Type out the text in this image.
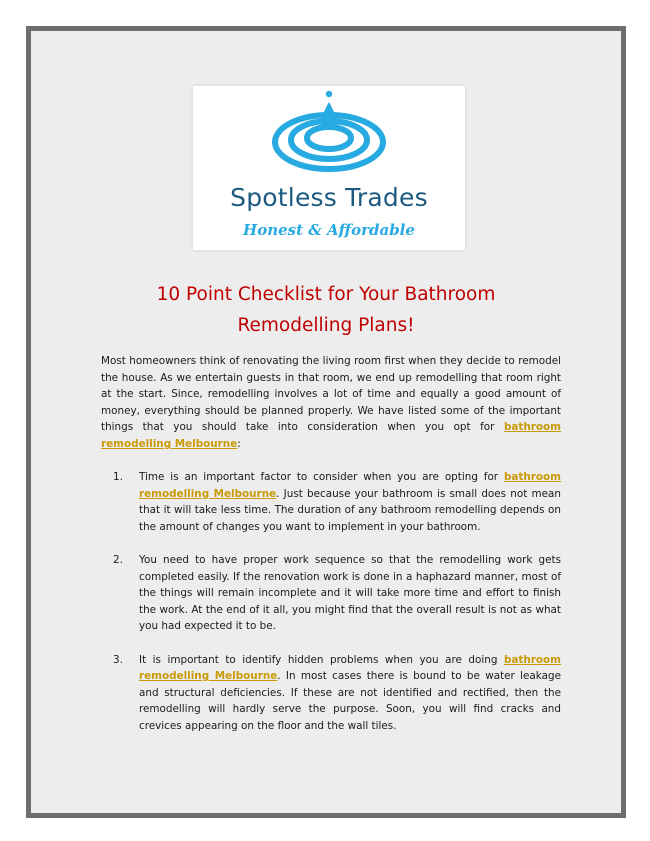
Spotless Trades
Honest & Affordable
10 Point Checklist for Your Bathroom
Remodelling Plans!

Most homeowners think of renovating the living room first when they decide to remodel the house. As we entertain guests in that room, we end up remodelling that room right at the start. Since, remodelling involves a lot of time and equally a good amount of money, everything should be planned properly. We have listed some of the important things that you should take into consideration when you opt for bathroom remodelling Melbourne:

1. Time is an important factor to consider when you are opting for bathroom remodelling Melbourne. Just because your bathroom is small does not mean that it will take less time. The duration of any bathroom remodelling depends on the amount of changes you want to implement in your bathroom.
2. You need to have proper work sequence so that the remodelling work gets completed easily. If the renovation work is done in a haphazard manner, most of the things will remain incomplete and it will take more time and effort to finish the work. At the end of it all, you might find that the overall result is not as what you had expected it to be.
3. It is important to identify hidden problems when you are doing bathroom remodelling Melbourne. In most cases there is bound to be water leakage and structural deficiencies. If these are not identified and rectified, then the remodelling will hardly serve the purpose. Soon, you will find cracks and crevices appearing on the floor and the wall tiles.
